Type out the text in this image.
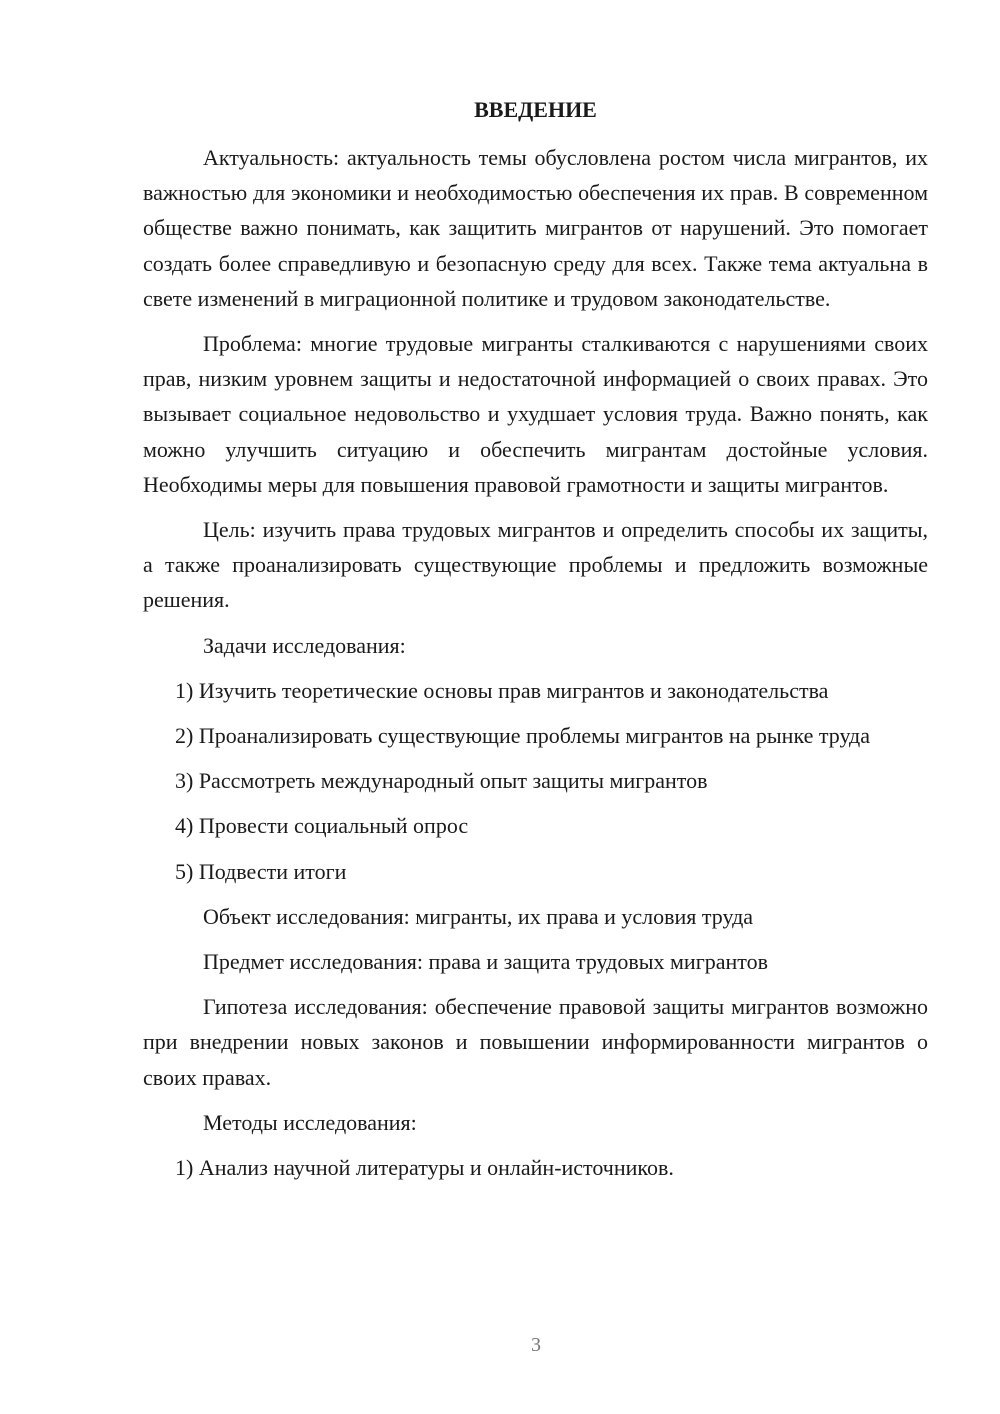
ВВЕДЕНИЕ

Актуальность: актуальность темы обусловлена ростом числа мигрантов, их важностью для экономики и необходимостью обеспечения их прав. В современном обществе важно понимать, как защитить мигрантов от нарушений. Это помогает создать более справедливую и безопасную среду для всех. Также тема актуальна в свете изменений в миграционной политике и трудовом законодательстве.

Проблема: многие трудовые мигранты сталкиваются с нарушениями своих прав, низким уровнем защиты и недостаточной информацией о своих правах. Это вызывает социальное недовольство и ухудшает условия труда. Важно понять, как можно улучшить ситуацию и обеспечить мигрантам достойные условия. Необходимы меры для повышения правовой грамотности и защиты мигрантов.

Цель: изучить права трудовых мигрантов и определить способы их защиты, а также проанализировать существующие проблемы и предложить возможные решения.

Задачи исследования:

1) Изучить теоретические основы прав мигрантов и законодательства

2) Проанализировать существующие проблемы мигрантов на рынке труда

3) Рассмотреть международный опыт защиты мигрантов

4) Провести социальный опрос

5) Подвести итоги

Объект исследования: мигранты, их права и условия труда

Предмет исследования: права и защита трудовых мигрантов

Гипотеза исследования: обеспечение правовой защиты мигрантов возможно при внедрении новых законов и повышении информированности мигрантов о своих правах.

Методы исследования:

1) Анализ научной литературы и онлайн-источников.

3
